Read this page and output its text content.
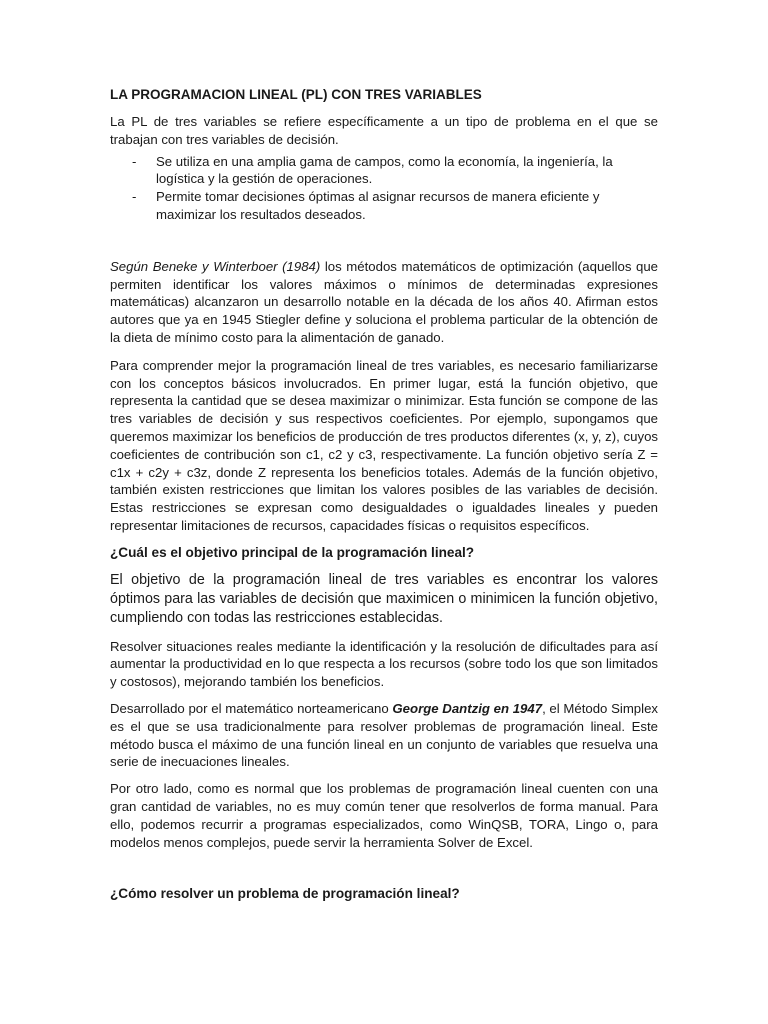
LA PROGRAMACION LINEAL (PL) CON TRES VARIABLES

La PL de tres variables se refiere específicamente a un tipo de problema en el que se trabajan con tres variables de decisión.

- Se utiliza en una amplia gama de campos, como la economía, la ingeniería, la logística y la gestión de operaciones.
- Permite tomar decisiones óptimas al asignar recursos de manera eficiente y maximizar los resultados deseados.

Según Beneke y Winterboer (1984) los métodos matemáticos de optimización (aquellos que permiten identificar los valores máximos o mínimos de determinadas expresiones matemáticas) alcanzaron un desarrollo notable en la década de los años 40. Afirman estos autores que ya en 1945 Stiegler define y soluciona el problema particular de la obtención de la dieta de mínimo costo para la alimentación de ganado.

Para comprender mejor la programación lineal de tres variables, es necesario familiarizarse con los conceptos básicos involucrados. En primer lugar, está la función objetivo, que representa la cantidad que se desea maximizar o minimizar. Esta función se compone de las tres variables de decisión y sus respectivos coeficientes. Por ejemplo, supongamos que queremos maximizar los beneficios de producción de tres productos diferentes (x, y, z), cuyos coeficientes de contribución son c1, c2 y c3, respectivamente. La función objetivo sería Z = c1x + c2y + c3z, donde Z representa los beneficios totales. Además de la función objetivo, también existen restricciones que limitan los valores posibles de las variables de decisión. Estas restricciones se expresan como desigualdades o igualdades lineales y pueden representar limitaciones de recursos, capacidades físicas o requisitos específicos.

¿Cuál es el objetivo principal de la programación lineal?

El objetivo de la programación lineal de tres variables es encontrar los valores óptimos para las variables de decisión que maximicen o minimicen la función objetivo, cumpliendo con todas las restricciones establecidas.

Resolver situaciones reales mediante la identificación y la resolución de dificultades para así aumentar la productividad en lo que respecta a los recursos (sobre todo los que son limitados y costosos), mejorando también los beneficios.

Desarrollado por el matemático norteamericano George Dantzig en 1947, el Método Simplex es el que se usa tradicionalmente para resolver problemas de programación lineal. Este método busca el máximo de una función lineal en un conjunto de variables que resuelva una serie de inecuaciones lineales.

Por otro lado, como es normal que los problemas de programación lineal cuenten con una gran cantidad de variables, no es muy común tener que resolverlos de forma manual. Para ello, podemos recurrir a programas especializados, como WinQSB, TORA, Lingo o, para modelos menos complejos, puede servir la herramienta Solver de Excel.

¿Cómo resolver un problema de programación lineal?
